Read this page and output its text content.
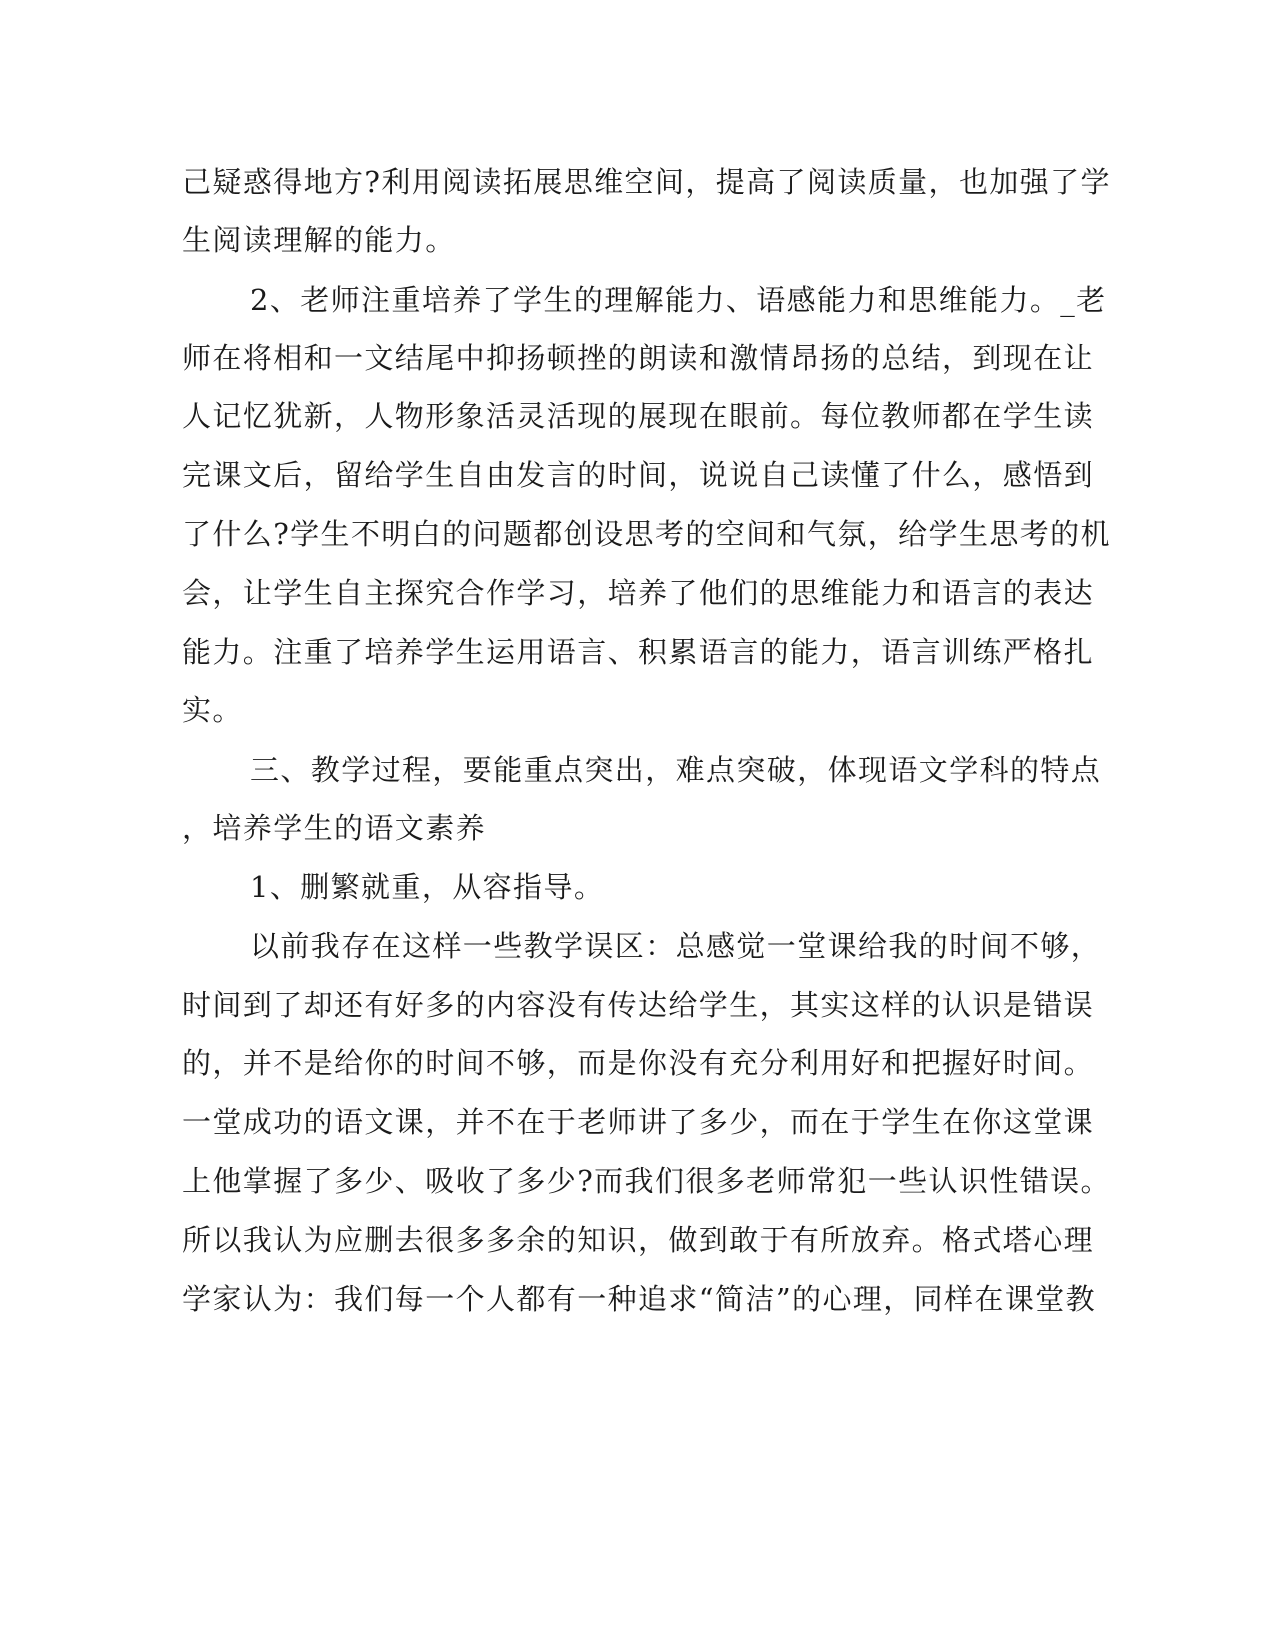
己疑惑得地方?利用阅读拓展思维空间，提高了阅读质量，也加强了学
生阅读理解的能力。
2、老师注重培养了学生的理解能力、语感能力和思维能力。_老
师在将相和一文结尾中抑扬顿挫的朗读和激情昂扬的总结，到现在让
人记忆犹新，人物形象活灵活现的展现在眼前。每位教师都在学生读
完课文后，留给学生自由发言的时间，说说自己读懂了什么，感悟到
了什么?学生不明白的问题都创设思考的空间和气氛，给学生思考的机
会，让学生自主探究合作学习，培养了他们的思维能力和语言的表达
能力。注重了培养学生运用语言、积累语言的能力，语言训练严格扎
实。
三、教学过程，要能重点突出，难点突破，体现语文学科的特点
，培养学生的语文素养
1、删繁就重，从容指导。
以前我存在这样一些教学误区：总感觉一堂课给我的时间不够，
时间到了却还有好多的内容没有传达给学生，其实这样的认识是错误
的，并不是给你的时间不够，而是你没有充分利用好和把握好时间。
一堂成功的语文课，并不在于老师讲了多少，而在于学生在你这堂课
上他掌握了多少、吸收了多少?而我们很多老师常犯一些认识性错误。
所以我认为应删去很多多余的知识，做到敢于有所放弃。格式塔心理
学家认为：我们每一个人都有一种追求“简洁”的心理，同样在课堂教
